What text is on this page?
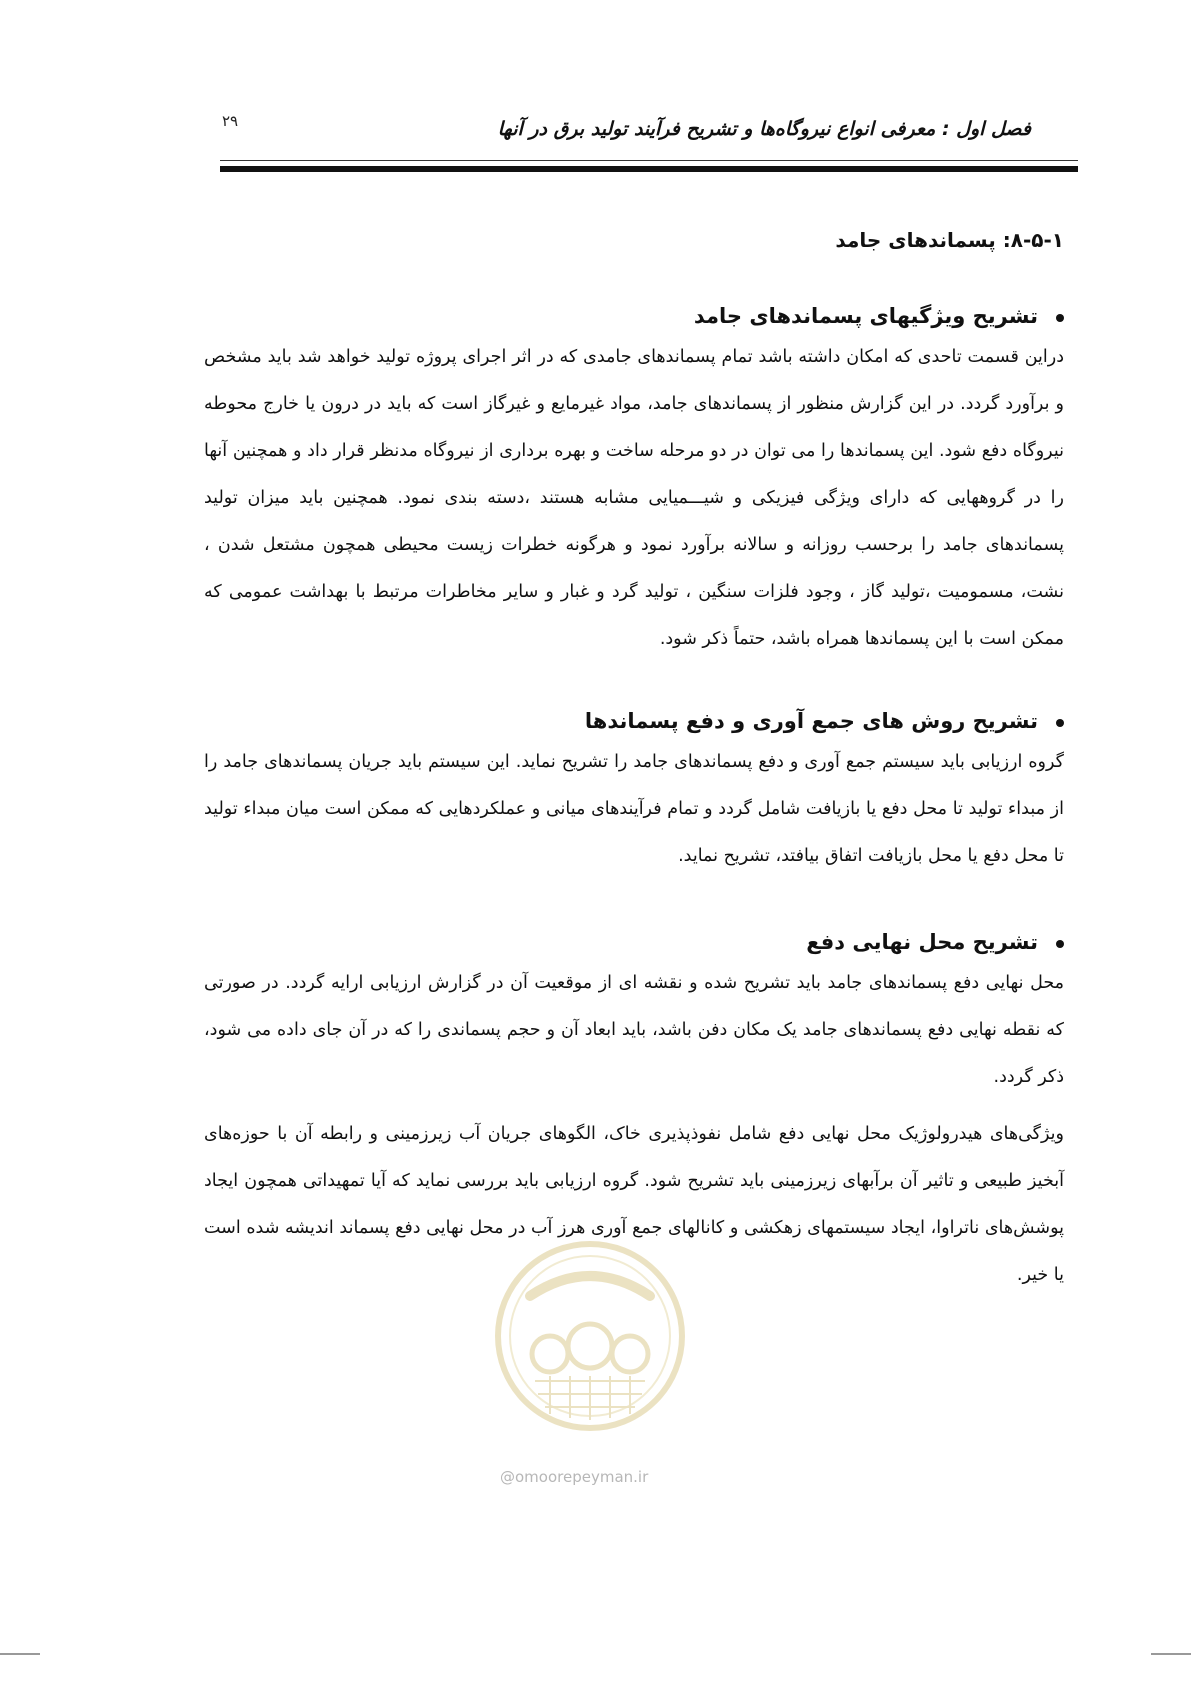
۲۹	فصل اول : معرفی انواع نیروگاه‌ها و تشریح فرآیند تولید برق در آنها
۸-۵-۱: پسماندهای جامد
تشریح ویژگیهای پسماندهای جامد

دراین قسمت تاحدی که امکان داشته باشد تمام پسماندهای جامدی که در اثر اجرای پروژه تولید خواهد شد باید مشخص و برآورد گردد. در این گزارش منظور از پسماندهای جامد، مواد غیرمایع و غیرگاز است که باید در درون یا خارج محوطه نیروگاه دفع شود. این پسماندها را می توان در دو مرحله ساخت و بهره برداری از نیروگاه مدنظر قرار داد و همچنین آنها را در گروههایی که دارای ویژگی فیزیکی و شیـــمیایی مشابه هستند ،دسته بندی نمود. همچنین باید میزان تولید پسماندهای جامد را برحسب روزانه و سالانه برآورد نمود و هرگونه خطرات زیست محیطی همچون مشتعل شدن ، نشت، مسمومیت ،تولید گاز ، وجود فلزات سنگین ، تولید گرد و غبار و سایر مخاطرات مرتبط با بهداشت عمومی که ممکن است با این پسماندها همراه باشد، حتماً ذکر شود.

تشریح روش های جمع آوری و دفع پسماندها

گروه ارزیابی باید سیستم جمع آوری و دفع پسماندهای جامد را تشریح نماید. این سیستم باید جریان پسماندهای جامد را از مبداء تولید تا محل دفع یا بازیافت شامل گردد و تمام فرآیندهای میانی و عملکردهایی که ممکن است میان مبداء تولید تا محل دفع یا محل بازیافت اتفاق بیافتد، تشریح نماید.

تشریح محل نهایی دفع

محل نهایی دفع پسماندهای جامد باید تشریح شده و نقشه ای از موقعیت آن در گزارش ارزیابی ارایه گردد. در صورتی که نقطه نهایی دفع پسماندهای جامد یک مکان دفن باشد، باید ابعاد آن و حجم پسماندی را که در آن جای داده می شود، ذکر گردد.

ویژگی‌های هیدرولوژیک محل نهایی دفع شامل نفوذپذیری خاک، الگوهای جریان آب زیرزمینی و رابطه آن با حوزه‌های آبخیز طبیعی و تاثیر آن برآبهای زیرزمینی باید تشریح شود. گروه ارزیابی باید بررسی نماید که آیا تمهیداتی همچون ایجاد پوشش‌های ناتراوا، ایجاد سیستمهای زهکشی و کانالهای جمع آوری هرز آب در محل نهایی دفع پسماند اندیشه شده است یا خیر.

@omoorepeyman.ir
